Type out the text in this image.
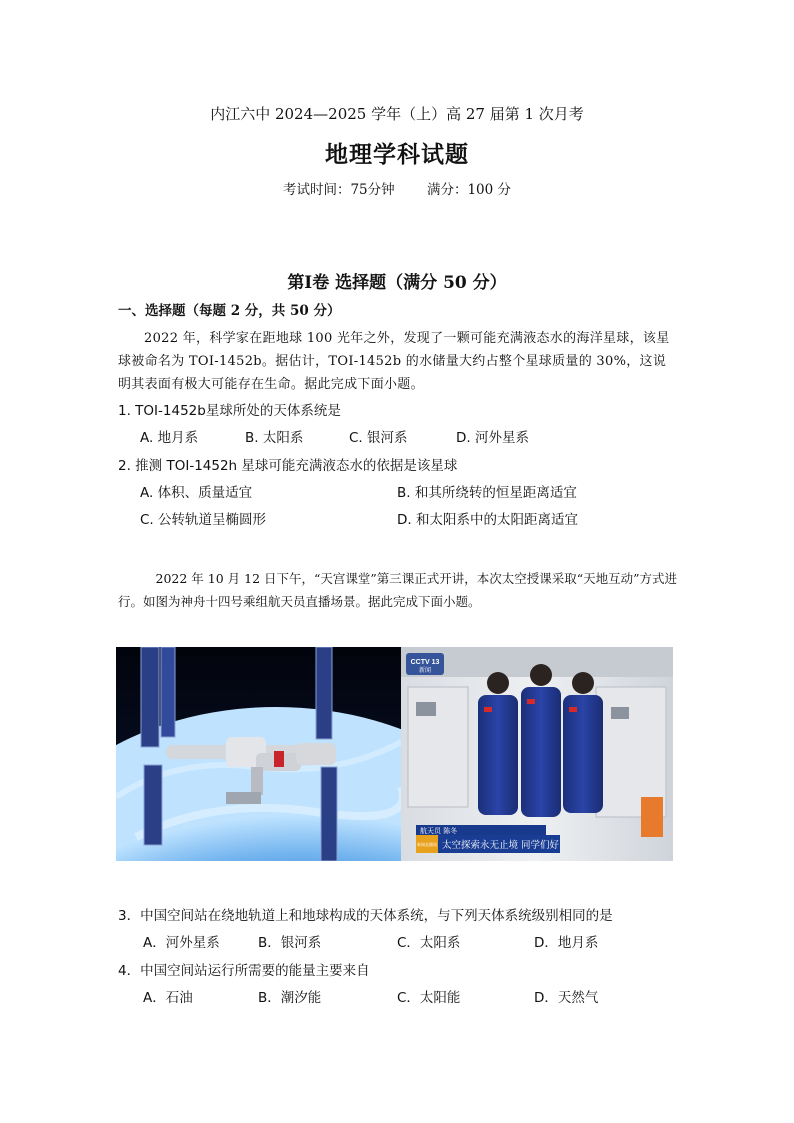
内江六中 2024—2025 学年（上）高 27 届第 1 次月考
地理学科试题
考试时间：75分钟 满分：100 分
第Ⅰ卷 选择题（满分 50 分）
一、选择题（每题 2 分，共 50 分）
2022 年，科学家在距地球 100 光年之外，发现了一颗可能充满液态水的海洋星球，该星球被命名为 TOI-1452b。据估计，TOI-1452b 的水储量大约占整个星球质量的 30%，这说明其表面有极大可能存在生命。据此完成下面小题。
1. TOI-1452b星球所处的天体系统是
A. 地月系	B. 太阳系	C. 银河系	D. 河外星系
2. 推测 TOI-1452h 星球可能充满液态水的依据是该星球
A. 体积、质量适宜	B. 和其所绕转的恒星距离适宜
C. 公转轨道呈椭圆形	D. 和太阳系中的太阳距离适宜
2022 年 10 月 12 日下午，“天宫课堂”第三课正式开讲，本次太空授课采取“天地互动”方式进行。如图为神舟十四号乘组航天员直播场景。据此完成下面小题。
CCTV 13
新闻
航天员 陈冬
新闻直播间 太空探索永无止境 同学们好
3．中国空间站在绕地轨道上和地球构成的天体系统，与下列天体系统级别相同的是
A．河外星系	B．银河系	C．太阳系	D．地月系
4．中国空间站运行所需要的能量主要来自
A．石油	B．潮汐能	C．太阳能	D．天然气
